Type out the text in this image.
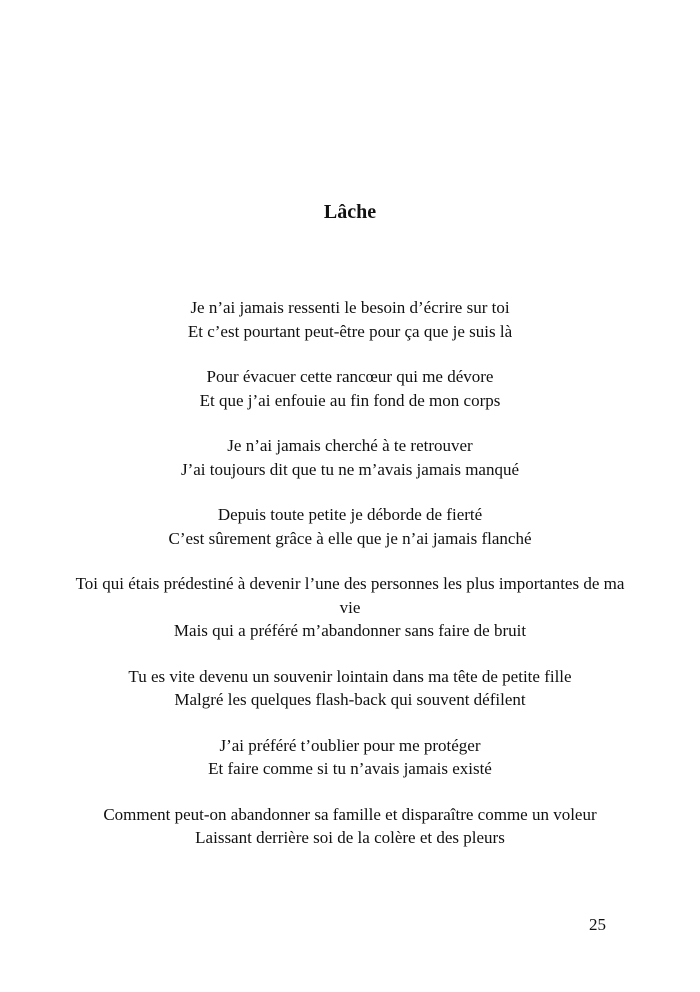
Lâche
Je n’ai jamais ressenti le besoin d’écrire sur toi
Et c’est pourtant peut-être pour ça que je suis là
Pour évacuer cette rancœur qui me dévore
Et que j’ai enfouie au fin fond de mon corps
Je n’ai jamais cherché à te retrouver
J’ai toujours dit que tu ne m’avais jamais manqué
Depuis toute petite je déborde de fierté
C’est sûrement grâce à elle que je n’ai jamais flanché
Toi qui étais prédestiné à devenir l’une des personnes les plus importantes de ma vie
Mais qui a préféré m’abandonner sans faire de bruit
Tu es vite devenu un souvenir lointain dans ma tête de petite fille
Malgré les quelques flash-back qui souvent défilent
J’ai préféré t’oublier pour me protéger
Et faire comme si tu n’avais jamais existé
Comment peut-on abandonner sa famille et disparaître comme un voleur
Laissant derrière soi de la colère et des pleurs
25
